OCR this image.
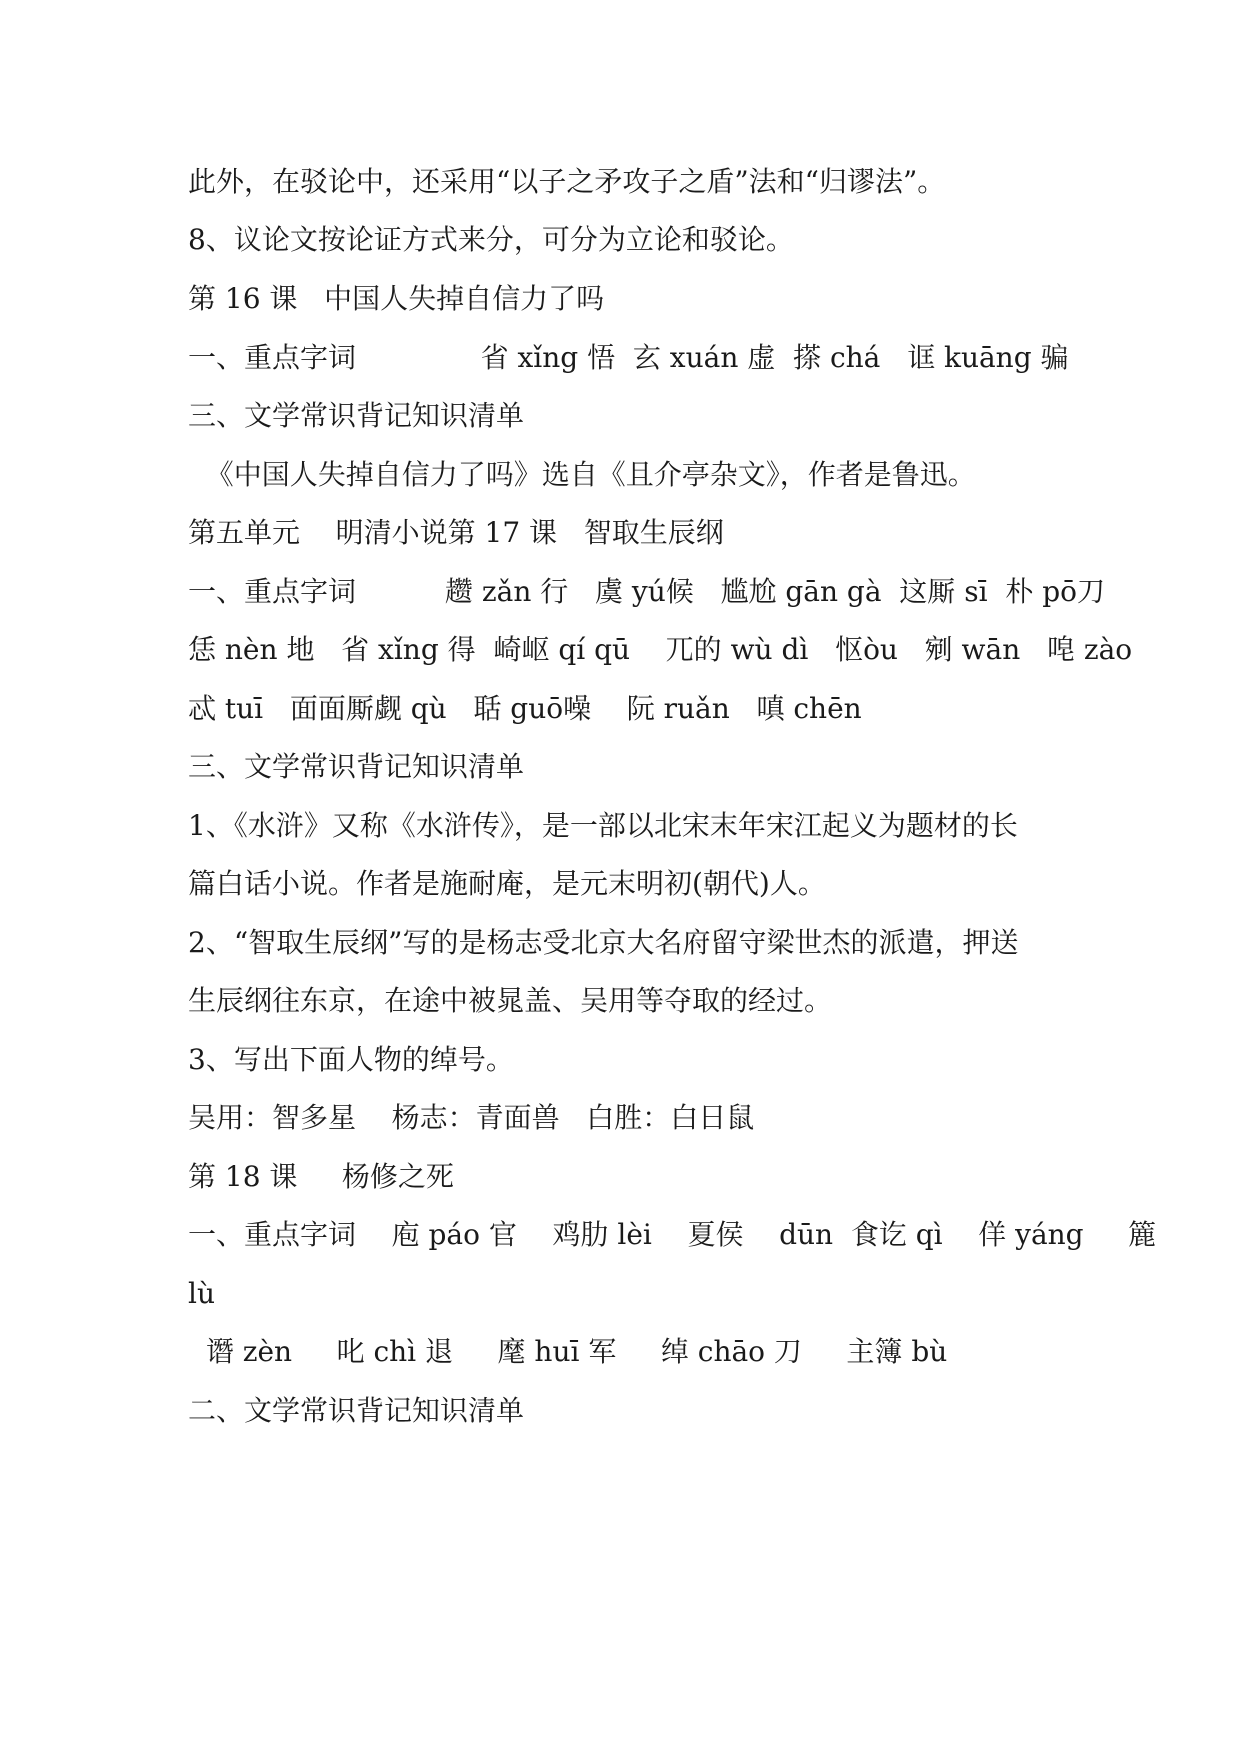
此外，在驳论中，还采用“以子之矛攻子之盾”法和“归谬法”。
8、议论文按论证方式来分，可分为立论和驳论。
第 16 课   中国人失掉自信力了吗
一、重点字词              省 xǐng 悟  玄 xuán 虚  搽 chá   诓 kuāng 骗
三、文学常识背记知识清单
《中国人失掉自信力了吗》选自《且介亭杂文》，作者是鲁迅。
第五单元    明清小说第 17 课   智取生辰纲
一、重点字词          趱 zǎn 行   虞 yú候   尴尬 gān gà  这厮 sī  朴 pō刀
恁 nèn 地   省 xǐng 得  崎岖 qí qū    兀的 wù dì   怄òu   剜 wān   唣 zào
忒 tuī   面面厮觑 qù   聒 guō噪    阮 ruǎn   嗔 chēn
三、文学常识背记知识清单
1、《水浒》又称《水浒传》，是一部以北宋末年宋江起义为题材的长
篇白话小说。作者是施耐庵，是元末明初(朝代)人。
2、“智取生辰纲”写的是杨志受北京大名府留守梁世杰的派遣，押送
生辰纲往东京，在途中被晁盖、吴用等夺取的经过。
3、写出下面人物的绰号。
吴用：智多星    杨志：青面兽   白胜：白日鼠
第 18 课     杨修之死
一、重点字词    庖 páo 官    鸡肋 lèi    夏侯    dūn  食讫 qì    佯 yáng     簏
lù
谮 zèn     叱 chì 退     麾 huī 军     绰 chāo 刀     主簿 bù
二、文学常识背记知识清单
